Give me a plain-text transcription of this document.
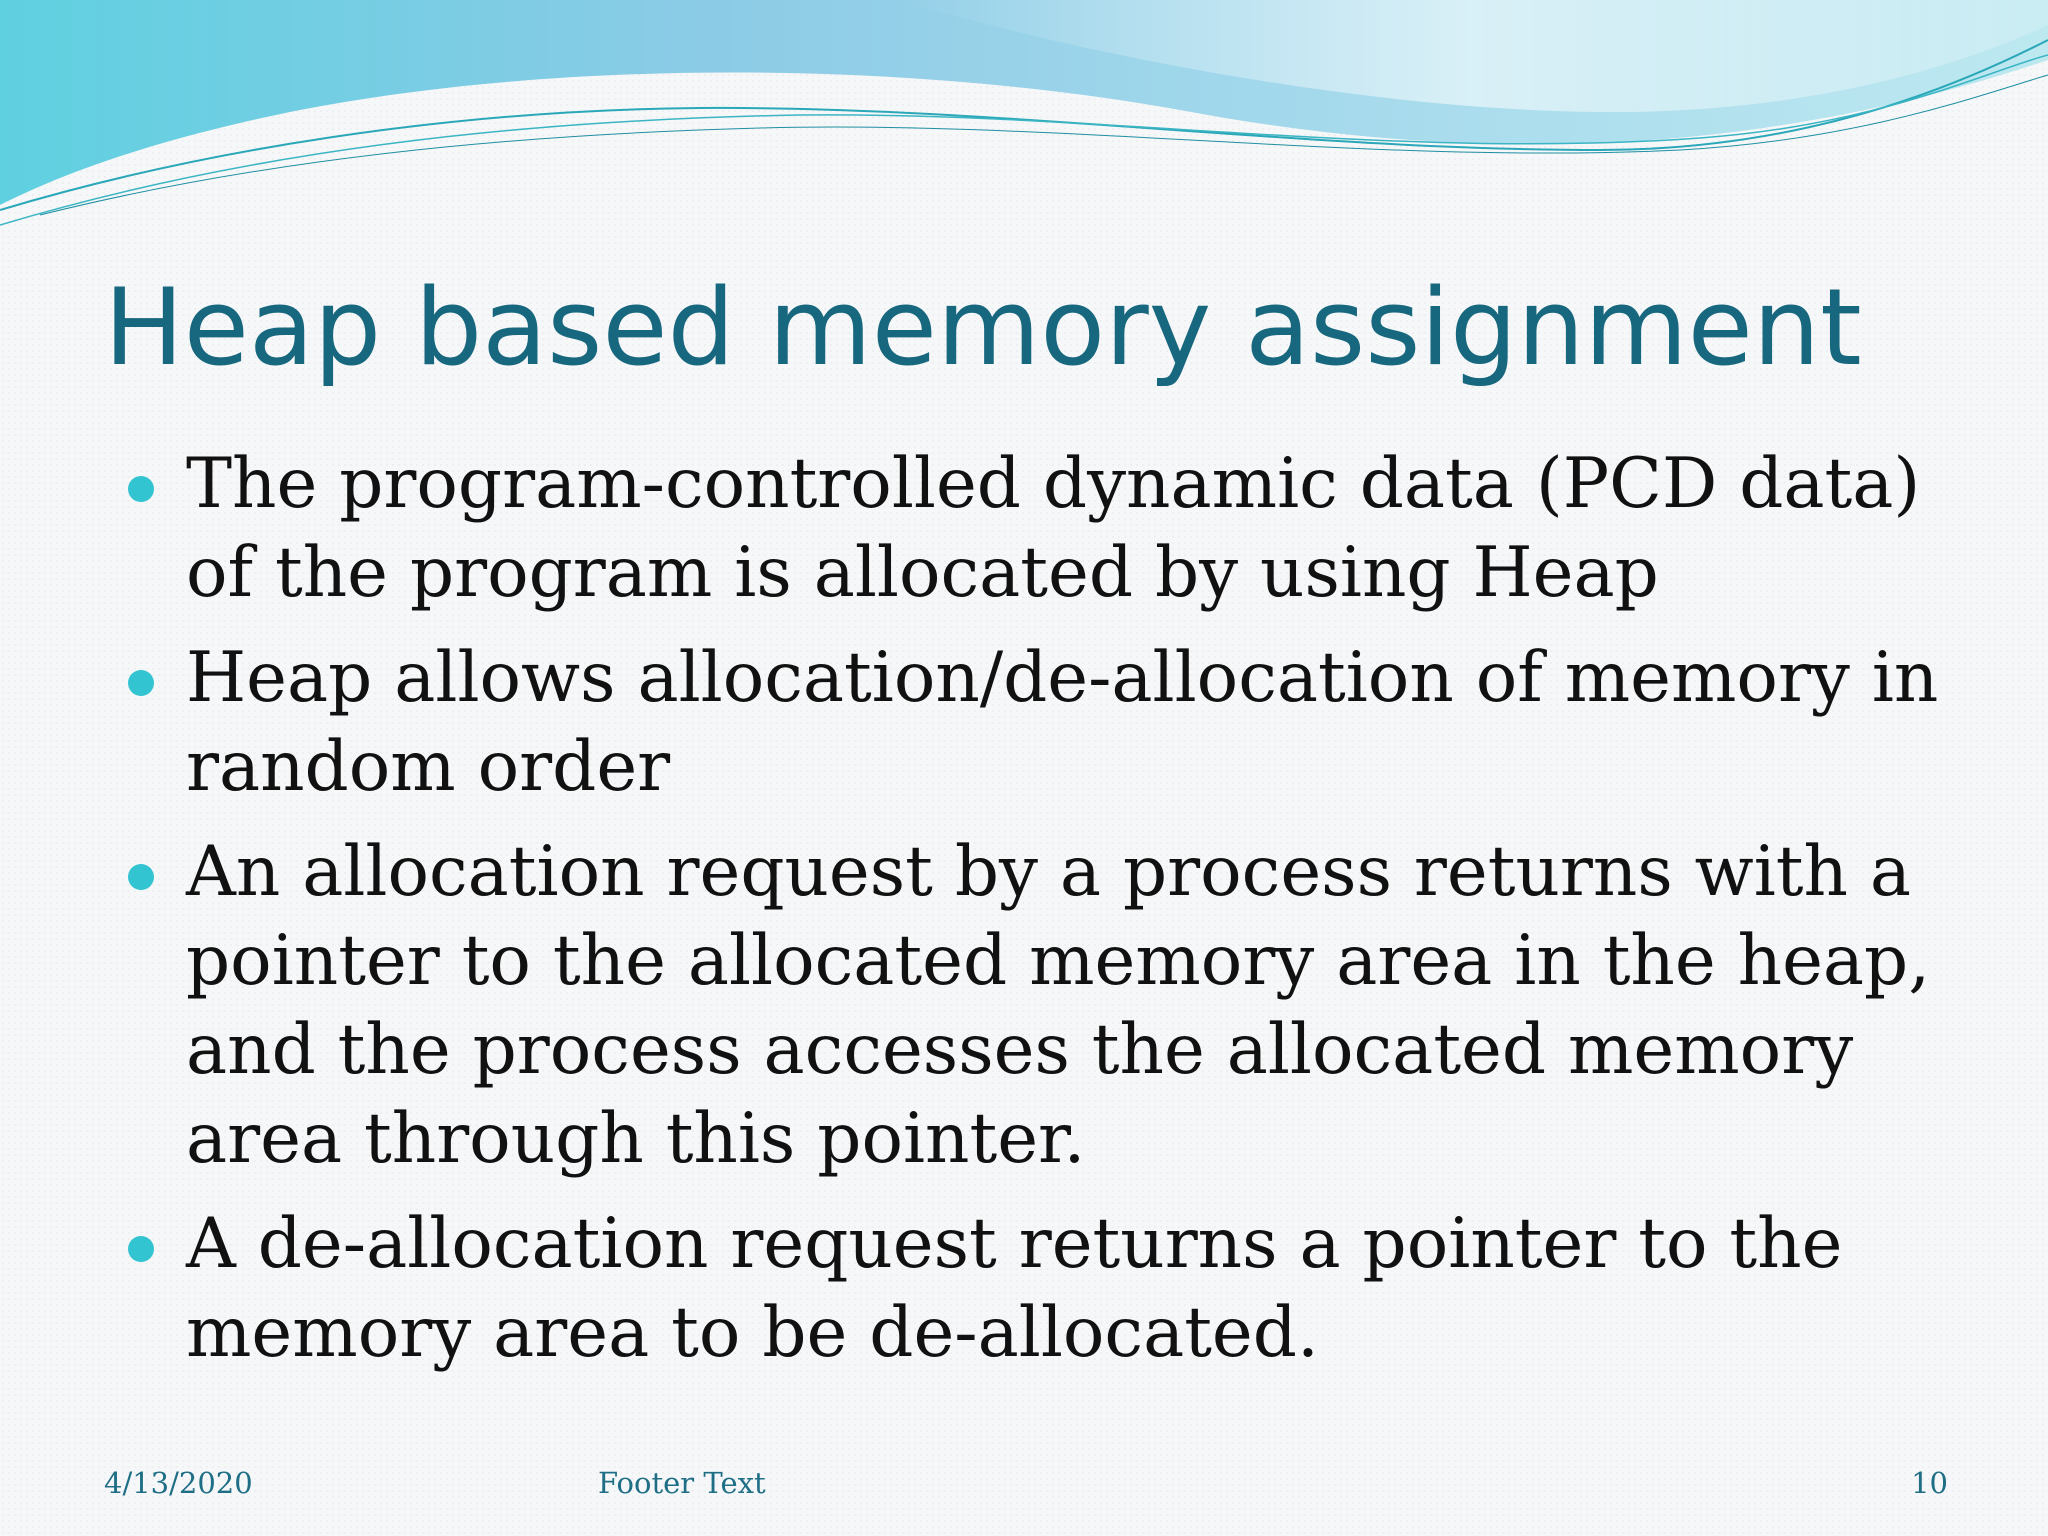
Heap based memory assignment
The program-controlled dynamic data (PCD data) of the program is allocated by using Heap
Heap allows allocation/de-allocation of memory in random order
An allocation request by a process returns with a pointer to the allocated memory area in the heap, and the process accesses the allocated memory area through this pointer.
A de-allocation request returns a pointer to the memory area to be de-allocated.
4/13/2020	Footer Text	10
